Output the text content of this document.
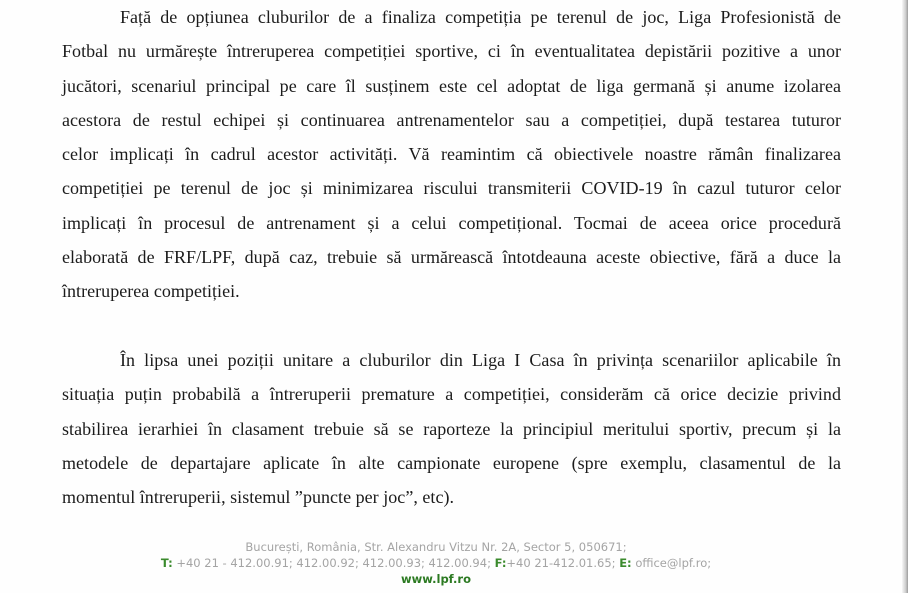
Față de opțiunea cluburilor de a finaliza competiția pe terenul de joc, Liga Profesionistă de
Fotbal nu urmărește întreruperea competiției sportive, ci în eventualitatea depistării pozitive a unor
jucători, scenariul principal pe care îl susținem este cel adoptat de liga germană și anume izolarea
acestora de restul echipei și continuarea antrenamentelor sau a competiției, după testarea tuturor
celor implicați în cadrul acestor activități. Vă reamintim că obiectivele noastre rămân finalizarea
competiției pe terenul de joc și minimizarea riscului transmiterii COVID-19 în cazul tuturor celor
implicați în procesul de antrenament și a celui competițional. Tocmai de aceea orice procedură
elaborată de FRF/LPF, după caz, trebuie să urmărească întotdeauna aceste obiective, fără a duce la
întreruperea competiției.
În lipsa unei poziții unitare a cluburilor din Liga I Casa în privința scenariilor aplicabile în
situația puțin probabilă a întreruperii premature a competiției, considerăm că orice decizie privind
stabilirea ierarhiei în clasament trebuie să se raporteze la principiul meritului sportiv, precum și la
metodele de departajare aplicate în alte campionate europene (spre exemplu, clasamentul de la
momentul întreruperii, sistemul ”puncte per joc”, etc).
București, România, Str. Alexandru Vitzu Nr. 2A, Sector 5, 050671;
T: +40 21 - 412.00.91; 412.00.92; 412.00.93; 412.00.94; F:+40 21-412.01.65; E: office@lpf.ro;
www.lpf.ro
